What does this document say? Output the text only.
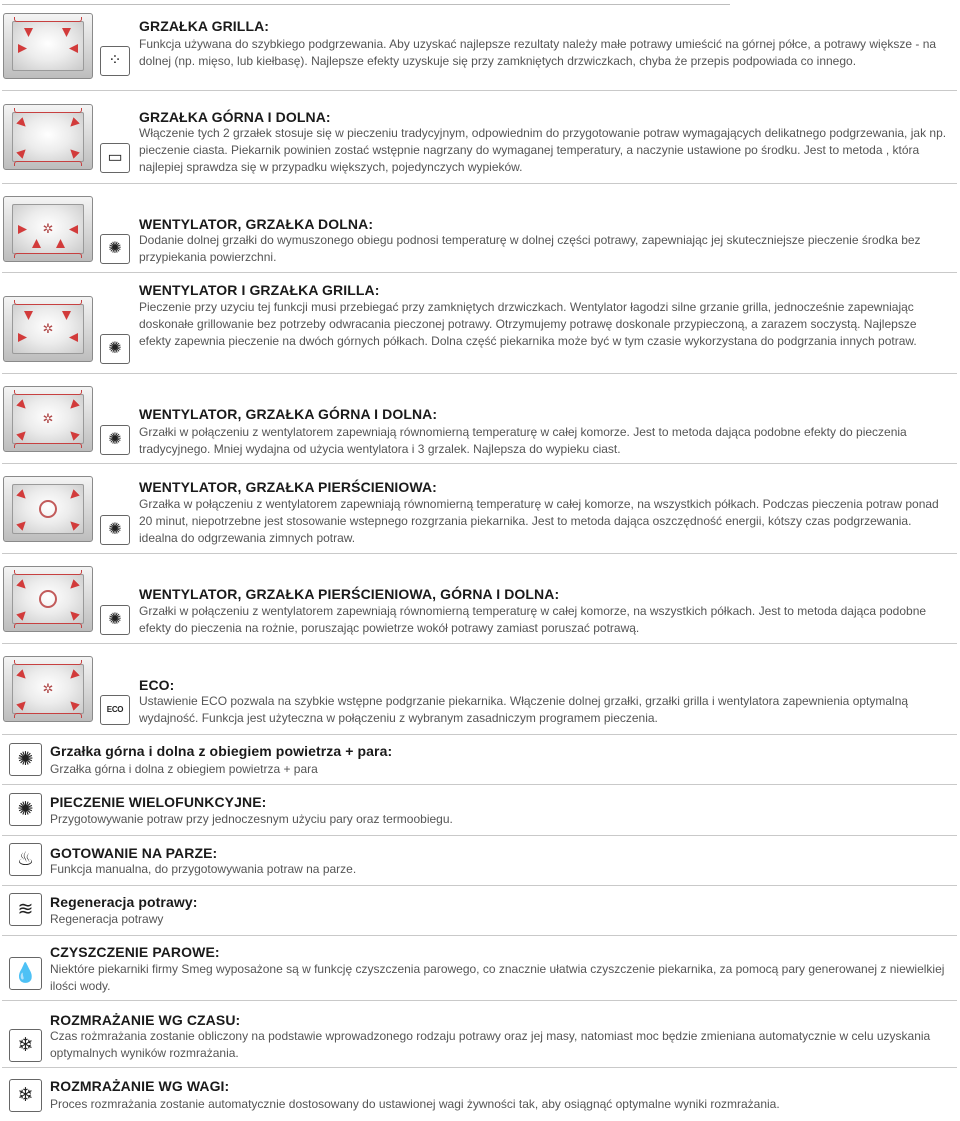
⁘
GRZAŁKA GRILLA:
Funkcja używana do szybkiego podgrzewania. Aby uzyskać najlepsze rezultaty należy małe potrawy umieścić na górnej półce, a potrawy większe - na dolnej (np. mięso, lub kiełbasę). Najlepsze efekty uzyskuje się przy zamkniętych drzwiczkach, chyba że przepis podpowiada co innego.
▭
GRZAŁKA GÓRNA I DOLNA:
Włączenie tych 2 grzałek stosuje się w pieczeniu tradycyjnym, odpowiednim do przygotowanie potraw wymagających delikatnego podgrzewania, jak np. pieczenie ciasta. Piekarnik powinien zostać wstępnie nagrzany do wymaganej temperatury, a naczynie ustawione po środku. Jest to metoda , która najlepiej sprawdza się w przypadku większych, pojedynczych wypieków.
✲
✺
WENTYLATOR, GRZAŁKA DOLNA:
Dodanie dolnej grzałki do wymuszonego obiegu podnosi temperaturę w dolnej części potrawy, zapewniając jej skuteczniejsze pieczenie środka bez przypiekania powierzchni.
✲
✺
WENTYLATOR I GRZAŁKA GRILLA:
Pieczenie przy uzyciu tej funkcji musi przebiegać przy zamkniętych drzwiczkach. Wentylator łagodzi silne grzanie grilla, jednocześnie zapewniając doskonałe grillowanie bez potrzeby odwracania pieczonej potrawy. Otrzymujemy potrawę doskonale przypieczoną, a zarazem soczystą. Najlepsze efekty zapewnia pieczenie na dwóch górnych półkach. Dolna część piekarnika może być w tym czasie wykorzystana do podgrzania innych potraw.
✲
✺
WENTYLATOR, GRZAŁKA GÓRNA I DOLNA:
Grzałki w połączeniu z wentylatorem zapewniają równomierną temperaturę w całej komorze. Jest to metoda dająca podobne efekty do pieczenia tradycyjnego. Mniej wydajna od użycia wentylatora i 3 grzalek. Najlepsza do wypieku ciast.
✺
WENTYLATOR, GRZAŁKA PIERŚCIENIOWA:
Grzałka w połączeniu z wentylatorem zapewniają równomierną temperaturę w całej komorze, na wszystkich półkach. Podczas pieczenia potraw ponad 20 minut, niepotrzebne jest stosowanie wstepnego rozgrzania piekarnika. Jest to metoda dająca oszczędność energii, kótszy czas podgrzewania. idealna do odgrzewania zimnych potraw.
✺
WENTYLATOR, GRZAŁKA PIERŚCIENIOWA, GÓRNA I DOLNA:
Grzałki w połączeniu z wentylatorem zapewniają równomierną temperaturę w całej komorze, na wszystkich półkach. Jest to metoda dająca podobne efekty do pieczenia na rożnie, poruszając powietrze wokół potrawy zamiast poruszać potrawą.
✲
ECO
ECO:
Ustawienie ECO pozwala na szybkie wstępne podgrzanie piekarnika. Włączenie dolnej grzałki, grzałki grilla i wentylatora zapewnienia optymalną wydajność. Funkcja jest użyteczna w połączeniu z wybranym zasadniczym programem pieczenia.
✺	Grzałka górna i dolna z obiegiem powietrza + para:
Grzałka górna i dolna z obiegiem powietrza + para
✺	PIECZENIE WIELOFUNKCYJNE:
Przygotowywanie potraw przy jednoczesnym użyciu pary oraz termoobiegu.
♨	GOTOWANIE NA PARZE:
Funkcja manualna, do przygotowywania potraw na parze.
≋	Regeneracja potrawy:
Regeneracja potrawy
💧
CZYSZCZENIE PAROWE:
Niektóre piekarniki firmy Smeg wyposażone są w funkcję czyszczenia parowego, co znacznie ułatwia czyszczenie piekarnika, za pomocą pary generowanej z niewielkiej ilości wody.
❄
ROZMRAŻANIE WG CZASU:
Czas rożmrażania zostanie obliczony na podstawie wprowadzonego rodzaju potrawy oraz jej masy, natomiast moc będzie zmieniana automatycznie w celu uzyskania optymalnych wyników rozmrażania.
❄	ROZMRAŻANIE WG WAGI:
Proces rozmrażania zostanie automatycznie dostosowany do ustawionej wagi żywności tak, aby osiągnąć optymalne wyniki rozmrażania.
